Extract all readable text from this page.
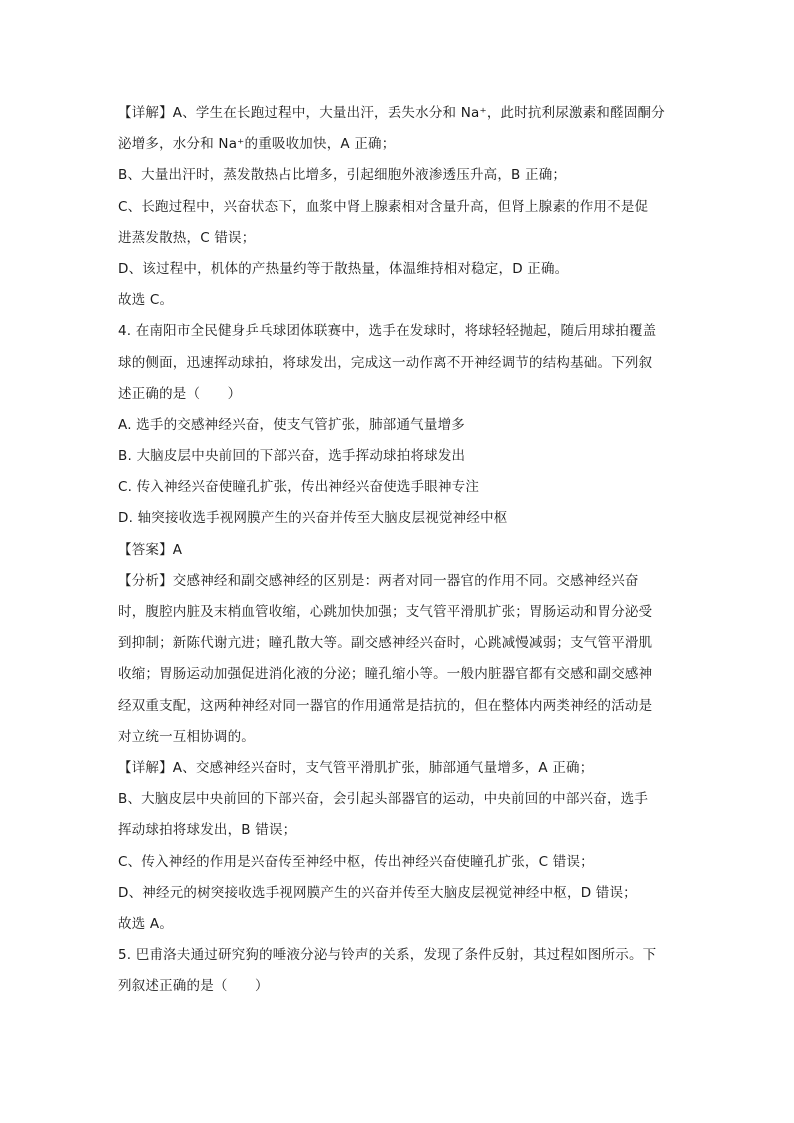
【详解】A、学生在长跑过程中，大量出汗，丢失水分和 Na⁺，此时抗利尿激素和醛固酮分
泌增多，水分和 Na⁺的重吸收加快，A 正确；
B、大量出汗时，蒸发散热占比增多，引起细胞外液渗透压升高，B 正确；
C、长跑过程中，兴奋状态下，血浆中肾上腺素相对含量升高，但肾上腺素的作用不是促
进蒸发散热，C 错误；
D、该过程中，机体的产热量约等于散热量，体温维持相对稳定，D 正确。
故选 C。
4. 在南阳市全民健身乒乓球团体联赛中，选手在发球时，将球轻轻抛起，随后用球拍覆盖
球的侧面，迅速挥动球拍，将球发出，完成这一动作离不开神经调节的结构基础。下列叙
述正确的是（　　）
A. 选手的交感神经兴奋，使支气管扩张，肺部通气量增多
B. 大脑皮层中央前回的下部兴奋，选手挥动球拍将球发出
C. 传入神经兴奋使瞳孔扩张，传出神经兴奋使选手眼神专注
D. 轴突接收选手视网膜产生的兴奋并传至大脑皮层视觉神经中枢
【答案】A
【分析】交感神经和副交感神经的区别是：两者对同一器官的作用不同。交感神经兴奋
时，腹腔内脏及末梢血管收缩，心跳加快加强；支气管平滑肌扩张；胃肠运动和胃分泌受
到抑制；新陈代谢亢进；瞳孔散大等。副交感神经兴奋时，心跳减慢减弱；支气管平滑肌
收缩；胃肠运动加强促进消化液的分泌；瞳孔缩小等。一般内脏器官都有交感和副交感神
经双重支配，这两种神经对同一器官的作用通常是拮抗的，但在整体内两类神经的活动是
对立统一互相协调的。
【详解】A、交感神经兴奋时，支气管平滑肌扩张，肺部通气量增多，A 正确；
B、大脑皮层中央前回的下部兴奋，会引起头部器官的运动，中央前回的中部兴奋，选手
挥动球拍将球发出，B 错误；
C、传入神经的作用是兴奋传至神经中枢，传出神经兴奋使瞳孔扩张，C 错误；
D、神经元的树突接收选手视网膜产生的兴奋并传至大脑皮层视觉神经中枢，D 错误；
故选 A。
5. 巴甫洛夫通过研究狗的唾液分泌与铃声的关系，发现了条件反射，其过程如图所示。下
列叙述正确的是（　　）
